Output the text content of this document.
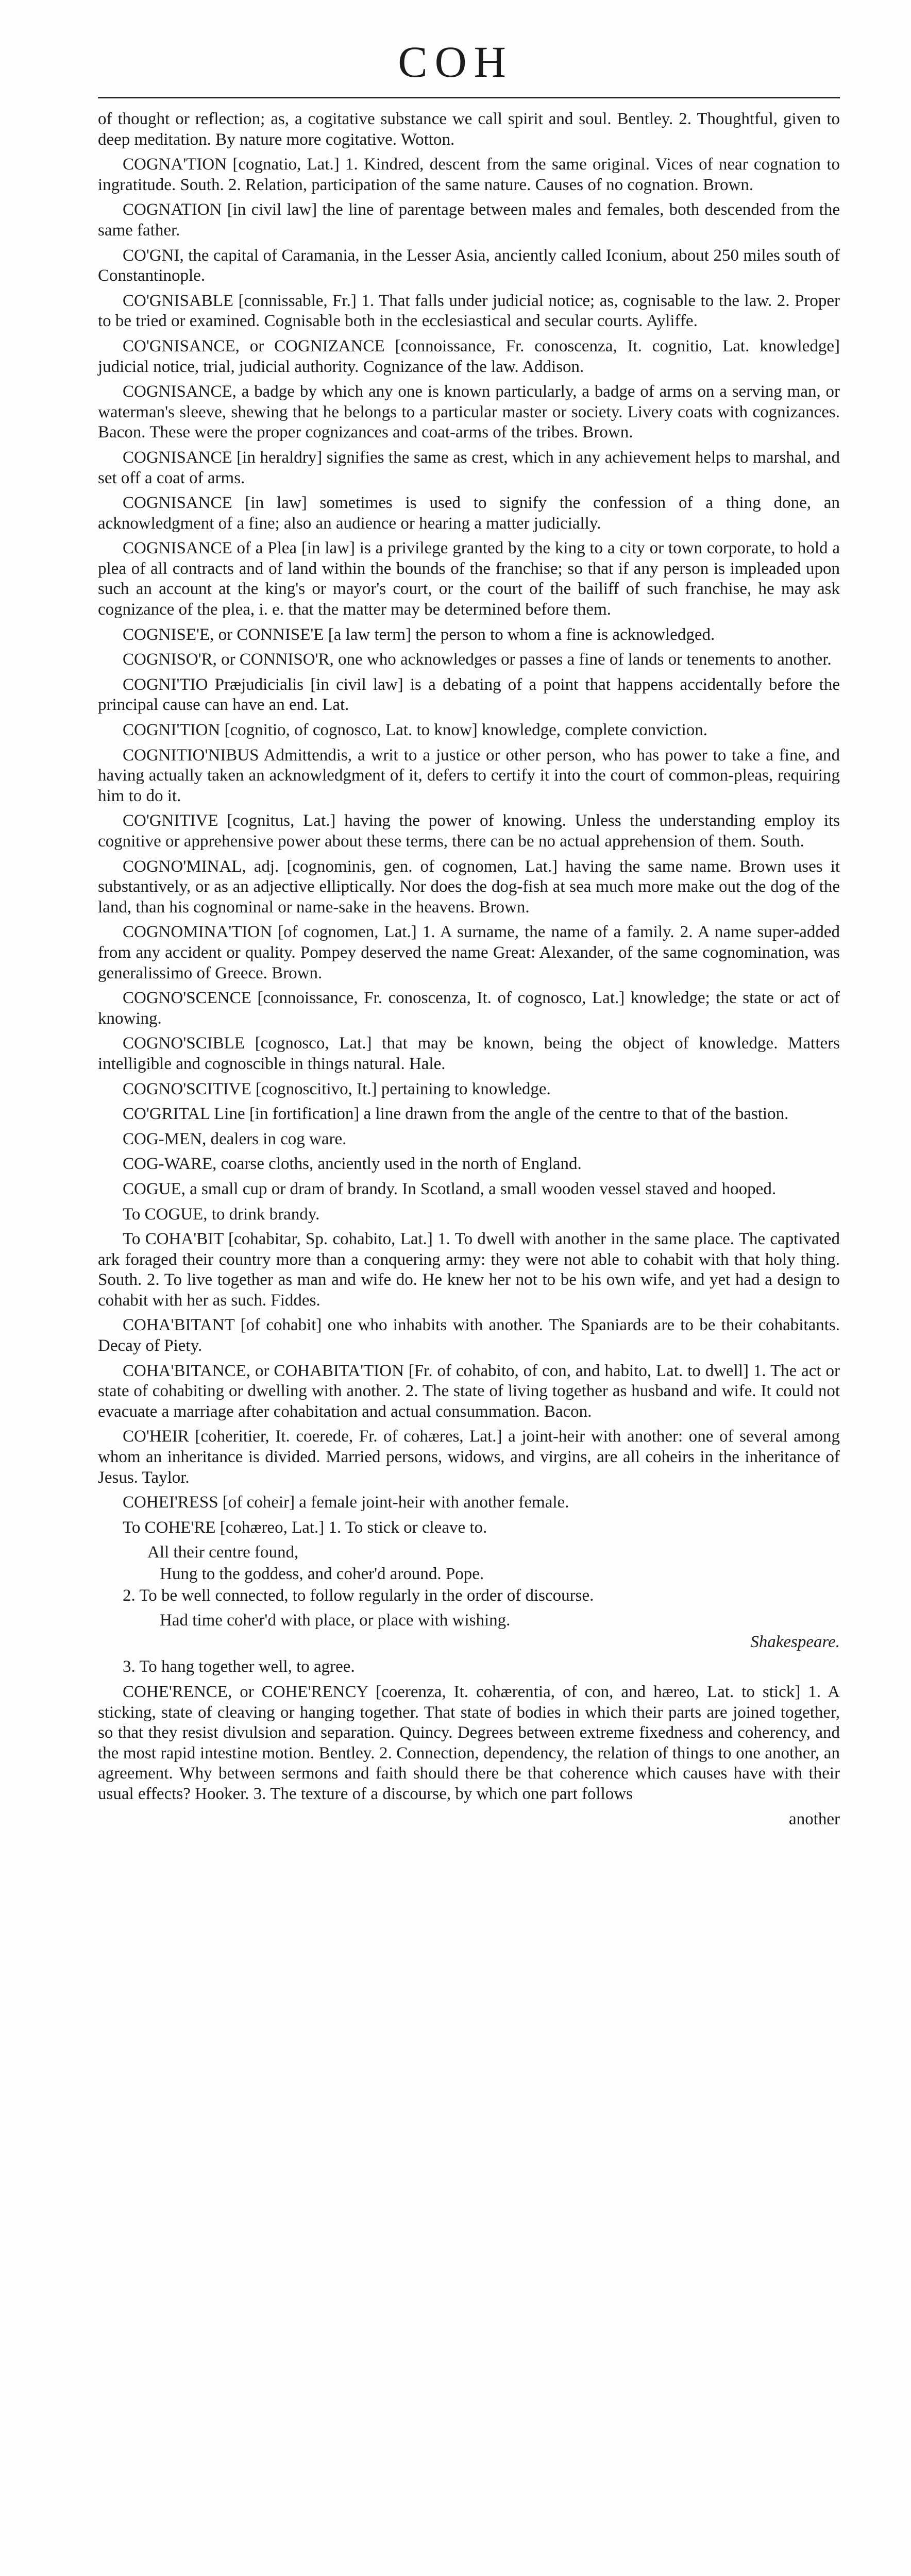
COH

of thought or reflection; as, a cogitative substance we call spirit and soul. Bentley. 2. Thoughtful, given to deep meditation. By nature more cogitative. Wotton.

COGNA'TION [cognatio, Lat.] 1. Kindred, descent from the same original. Vices of near cognation to ingratitude. South. 2. Relation, participation of the same nature. Causes of no cognation. Brown.

COGNATION [in civil law] the line of parentage between males and females, both descended from the same father.

CO'GNI, the capital of Caramania, in the Lesser Asia, anciently called Iconium, about 250 miles south of Constantinople.

CO'GNISABLE [connissable, Fr.] 1. That falls under judicial notice; as, cognisable to the law. 2. Proper to be tried or examined. Cognisable both in the ecclesiastical and secular courts. Ayliffe.

CO'GNISANCE, or COGNIZANCE [connoissance, Fr. conoscenza, It. cognitio, Lat. knowledge] judicial notice, trial, judicial authority. Cognizance of the law. Addison.

COGNISANCE, a badge by which any one is known particularly, a badge of arms on a serving man, or waterman's sleeve, shewing that he belongs to a particular master or society. Livery coats with cognizances. Bacon. These were the proper cognizances and coat-arms of the tribes. Brown.

COGNISANCE [in heraldry] signifies the same as crest, which in any achievement helps to marshal, and set off a coat of arms.

COGNISANCE [in law] sometimes is used to signify the confession of a thing done, an acknowledgment of a fine; also an audience or hearing a matter judicially.

COGNISANCE of a Plea [in law] is a privilege granted by the king to a city or town corporate, to hold a plea of all contracts and of land within the bounds of the franchise; so that if any person is impleaded upon such an account at the king's or mayor's court, or the court of the bailiff of such franchise, he may ask cognizance of the plea, i. e. that the matter may be determined before them.

COGNISE'E, or CONNISE'E [a law term] the person to whom a fine is acknowledged.

COGNISO'R, or CONNISO'R, one who acknowledges or passes a fine of lands or tenements to another.

COGNI'TIO Præjudicialis [in civil law] is a debating of a point that happens accidentally before the principal cause can have an end. Lat.

COGNI'TION [cognitio, of cognosco, Lat. to know] knowledge, complete conviction.

COGNITIO'NIBUS Admittendis, a writ to a justice or other person, who has power to take a fine, and having actually taken an acknowledgment of it, defers to certify it into the court of common-pleas, requiring him to do it.

CO'GNITIVE [cognitus, Lat.] having the power of knowing. Unless the understanding employ its cognitive or apprehensive power about these terms, there can be no actual apprehension of them. South.

COGNO'MINAL, adj. [cognominis, gen. of cognomen, Lat.] having the same name. Brown uses it substantively, or as an adjective elliptically. Nor does the dog-fish at sea much more make out the dog of the land, than his cognominal or name-sake in the heavens. Brown.

COGNOMINA'TION [of cognomen, Lat.] 1. A surname, the name of a family. 2. A name super-added from any accident or quality. Pompey deserved the name Great: Alexander, of the same cognomination, was generalissimo of Greece. Brown.

COGNO'SCENCE [connoissance, Fr. conoscenza, It. of cognosco, Lat.] knowledge; the state or act of knowing.

COGNO'SCIBLE [cognosco, Lat.] that may be known, being the object of knowledge. Matters intelligible and cognoscible in things natural. Hale.

COGNO'SCITIVE [cognoscitivo, It.] pertaining to knowledge.

CO'GRITAL Line [in fortification] a line drawn from the angle of the centre to that of the bastion.

COG-MEN, dealers in cog ware.

COG-WARE, coarse cloths, anciently used in the north of England.

COGUE, a small cup or dram of brandy. In Scotland, a small wooden vessel staved and hooped.

To COGUE, to drink brandy.

To COHA'BIT [cohabitar, Sp. cohabito, Lat.] 1. To dwell with another in the same place. The captivated ark foraged their country more than a conquering army: they were not able to cohabit with that holy thing. South. 2. To live together as man and wife do. He knew her not to be his own wife, and yet had a design to cohabit with her as such. Fiddes.

COHA'BITANT [of cohabit] one who inhabits with another. The Spaniards are to be their cohabitants. Decay of Piety.

COHA'BITANCE, or COHABITA'TION [Fr. of cohabito, of con, and habito, Lat. to dwell] 1. The act or state of cohabiting or dwelling with another. 2. The state of living together as husband and wife. It could not evacuate a marriage after cohabitation and actual consummation. Bacon.

CO'HEIR [coheritier, It. coerede, Fr. of cohæres, Lat.] a joint-heir with another: one of several among whom an inheritance is divided. Married persons, widows, and virgins, are all coheirs in the inheritance of Jesus. Taylor.

COHEI'RESS [of coheir] a female joint-heir with another female.

To COHE'RE [cohæreo, Lat.] 1. To stick or cleave to.

All their centre found,
Hung to the goddess, and coher'd around. Pope.

2. To be well connected, to follow regularly in the order of discourse.

Had time coher'd with place, or place with wishing.
Shakespeare.

3. To hang together well, to agree.

COHE'RENCE, or COHE'RENCY [coerenza, It. cohærentia, of con, and hæreo, Lat. to stick] 1. A sticking, state of cleaving or hanging together. That state of bodies in which their parts are joined together, so that they resist divulsion and separation. Quincy. Degrees between extreme fixedness and coherency, and the most rapid intestine motion. Bentley. 2. Connection, dependency, the relation of things to one another, an agreement. Why between sermons and faith should there be that coherence which causes have with their usual effects? Hooker. 3. The texture of a discourse, by which one part follows

another
